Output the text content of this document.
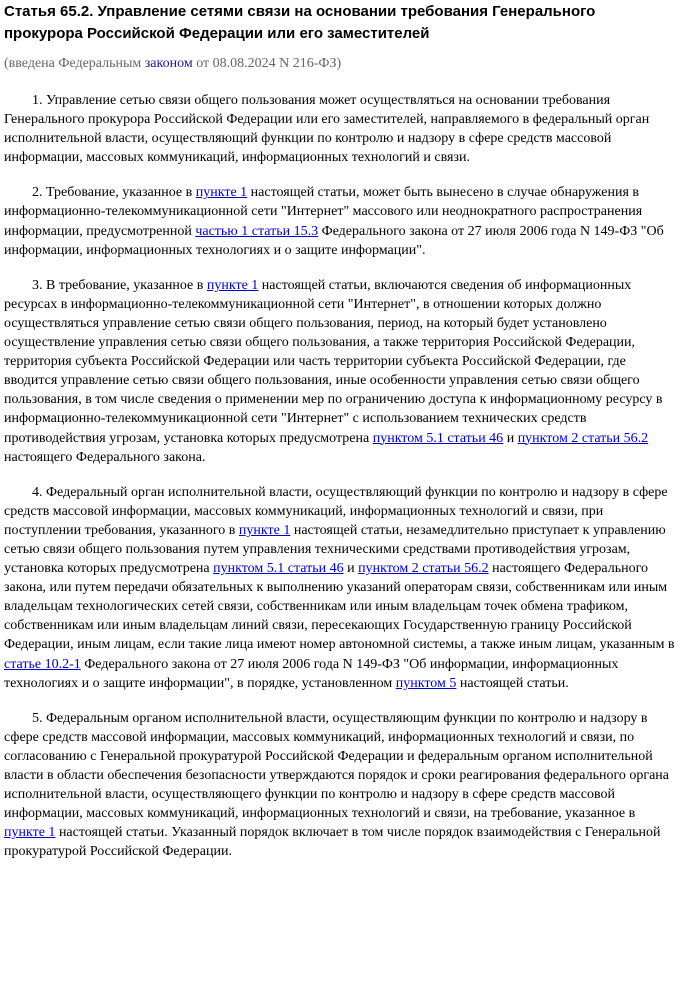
Статья 65.2. Управление сетями связи на основании требования Генерального прокурора Российской Федерации или его заместителей
(введена Федеральным законом от 08.08.2024 N 216-ФЗ)

1. Управление сетью связи общего пользования может осуществляться на основании требования Генерального прокурора Российской Федерации или его заместителей, направляемого в федеральный орган исполнительной власти, осуществляющий функции по контролю и надзору в сфере средств массовой информации, массовых коммуникаций, информационных технологий и связи.

2. Требование, указанное в пункте 1 настоящей статьи, может быть вынесено в случае обнаружения в информационно-телекоммуникационной сети "Интернет" массового или неоднократного распространения информации, предусмотренной частью 1 статьи 15.3 Федерального закона от 27 июля 2006 года N 149-ФЗ "Об информации, информационных технологиях и о защите информации".

3. В требование, указанное в пункте 1 настоящей статьи, включаются сведения об информационных ресурсах в информационно-телекоммуникационной сети "Интернет", в отношении которых должно осуществляться управление сетью связи общего пользования, период, на который будет установлено осуществление управления сетью связи общего пользования, а также территория Российской Федерации, территория субъекта Российской Федерации или часть территории субъекта Российской Федерации, где вводится управление сетью связи общего пользования, иные особенности управления сетью связи общего пользования, в том числе сведения о применении мер по ограничению доступа к информационному ресурсу в информационно-телекоммуникационной сети "Интернет" с использованием технических средств противодействия угрозам, установка которых предусмотрена пунктом 5.1 статьи 46 и пунктом 2 статьи 56.2 настоящего Федерального закона.

4. Федеральный орган исполнительной власти, осуществляющий функции по контролю и надзору в сфере средств массовой информации, массовых коммуникаций, информационных технологий и связи, при поступлении требования, указанного в пункте 1 настоящей статьи, незамедлительно приступает к управлению сетью связи общего пользования путем управления техническими средствами противодействия угрозам, установка которых предусмотрена пунктом 5.1 статьи 46 и пунктом 2 статьи 56.2 настоящего Федерального закона, или путем передачи обязательных к выполнению указаний операторам связи, собственникам или иным владельцам технологических сетей связи, собственникам или иным владельцам точек обмена трафиком, собственникам или иным владельцам линий связи, пересекающих Государственную границу Российской Федерации, иным лицам, если такие лица имеют номер автономной системы, а также иным лицам, указанным в статье 10.2-1 Федерального закона от 27 июля 2006 года N 149-ФЗ "Об информации, информационных технологиях и о защите информации", в порядке, установленном пунктом 5 настоящей статьи.

5. Федеральным органом исполнительной власти, осуществляющим функции по контролю и надзору в сфере средств массовой информации, массовых коммуникаций, информационных технологий и связи, по согласованию с Генеральной прокуратурой Российской Федерации и федеральным органом исполнительной власти в области обеспечения безопасности утверждаются порядок и сроки реагирования федерального органа исполнительной власти, осуществляющего функции по контролю и надзору в сфере средств массовой информации, массовых коммуникаций, информационных технологий и связи, на требование, указанное в пункте 1 настоящей статьи. Указанный порядок включает в том числе порядок взаимодействия с Генеральной прокуратурой Российской Федерации.
